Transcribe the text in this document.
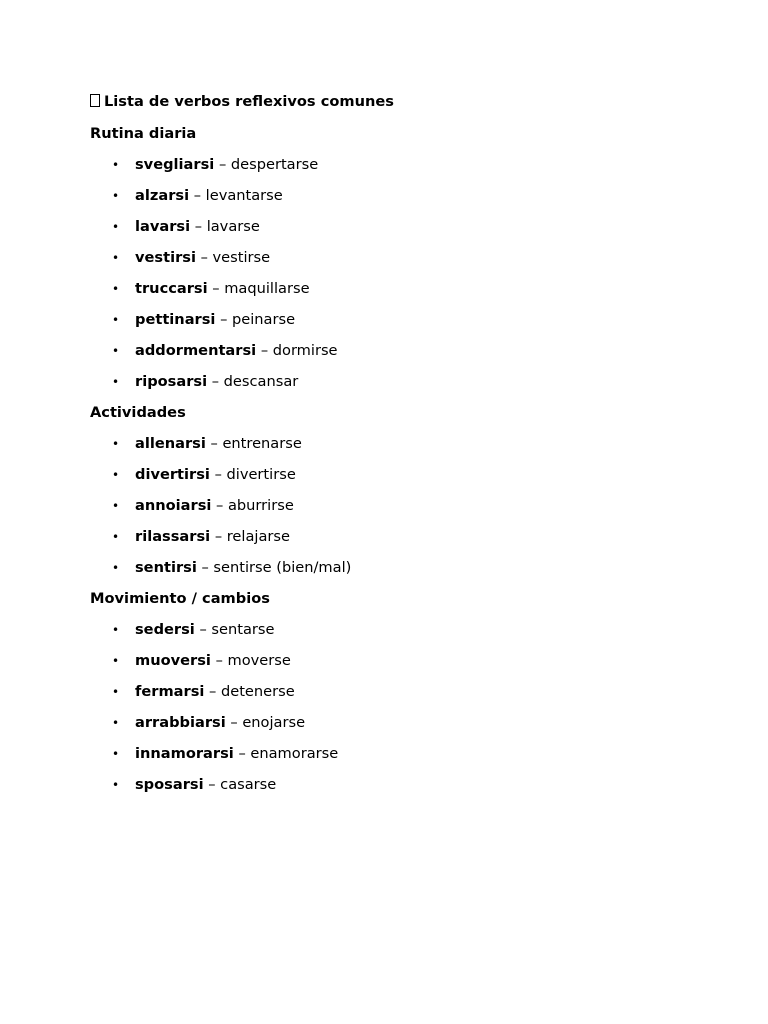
Lista de verbos reflexivos comunes
Rutina diaria
• svegliarsi – despertarse
• alzarsi – levantarse
• lavarsi – lavarse
• vestirsi – vestirse
• truccarsi – maquillarse
• pettinarsi – peinarse
• addormentarsi – dormirse
• riposarsi – descansar
Actividades
• allenarsi – entrenarse
• divertirsi – divertirse
• annoiarsi – aburrirse
• rilassarsi – relajarse
• sentirsi – sentirse (bien/mal)
Movimiento / cambios
• sedersi – sentarse
• muoversi – moverse
• fermarsi – detenerse
• arrabbiarsi – enojarse
• innamorarsi – enamorarse
• sposarsi – casarse
